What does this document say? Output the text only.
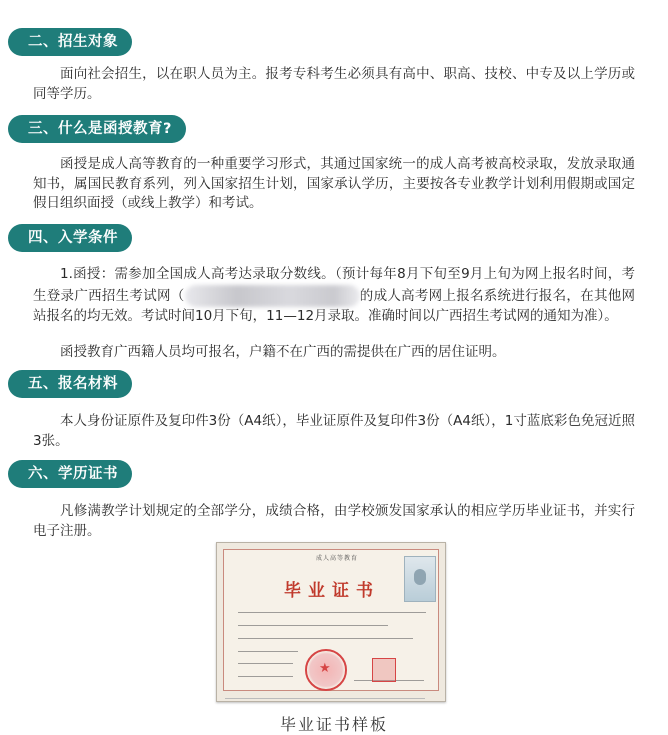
二、招生对象

面向社会招生，以在职人员为主。报考专科考生必须具有高中、职高、技校、中专及以上学历或同等学历。

三、什么是函授教育?

函授是成人高等教育的一种重要学习形式，其通过国家统一的成人高考被高校录取，发放录取通知书，属国民教育系列，列入国家招生计划，国家承认学历，主要按各专业教学计划利用假期或国定假日组织面授（或线上教学）和考试。

四、入学条件

1.函授：需参加全国成人高考达录取分数线。（预计每年8月下旬至9月上旬为网上报名时间，考生登录广西招生考试网（	的成人高考网上报名系统进行报名，在其他网站报名的均无效。考试时间10月下旬，11—12月录取。准确时间以广西招生考试网的通知为准）。

函授教育广西籍人员均可报名，户籍不在广西的需提供在广西的居住证明。

五、报名材料

本人身份证原件及复印件3份（A4纸），毕业证原件及复印件3份（A4纸），1寸蓝底彩色免冠近照3张。

六、学历证书

凡修满教学计划规定的全部学分，成绩合格，由学校颁发国家承认的相应学历毕业证书，并实行电子注册。

成人高等教育
毕业证书
★
毕业证书样板
